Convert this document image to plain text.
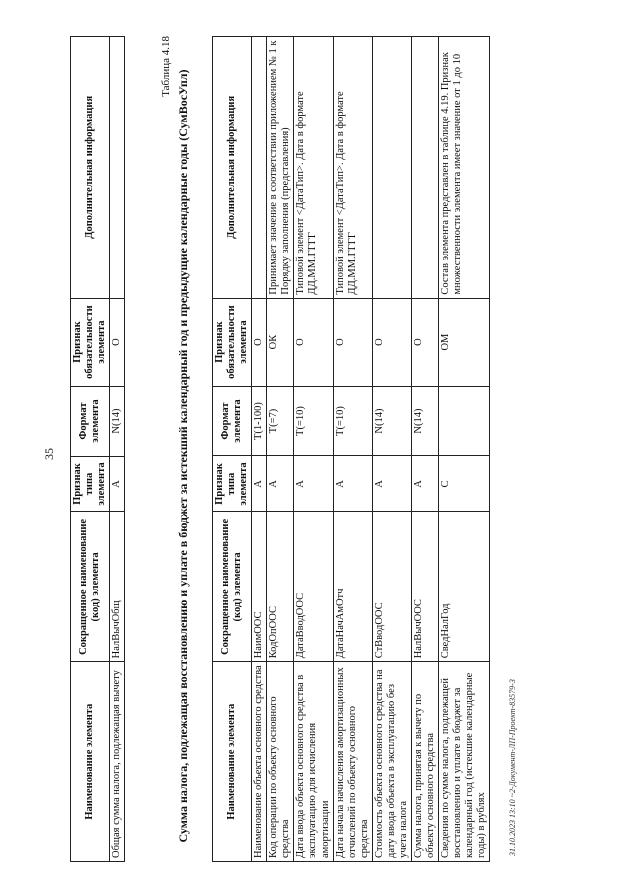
35
Наименование элемента	Сокращенное наименование (код) элемента	Признак типа элемента	Формат элемента	Признак обязательности элемента	Дополнительная информация
Общая сумма налога, подлежащая вычету	НалВычОбщ	А	N(14)	О	
Таблица 4.18
Сумма налога, подлежащая восстановлению и уплате в бюджет за истекший календарный год и предыдущие календарные годы (СумВосУпл)	Наименование элемента	Сокращенное наименование (код) элемента	Признак типа элемента	Формат элемента	Признак обязательности элемента	Дополнительная информация
Наименование объекта основного средства	НаимООС	А	T(1-100)	О	
Код операции по объекту основного средства	КодОпООС	А	T(=7)	ОК	Принимает значение в соответствии приложением № 1 к Порядку заполнения (представления)
Дата ввода объекта основного средства в эксплуатацию для исчисления амортизации	ДатаВводООС	А	T(=10)	О	Типовой элемент <ДатаТип>. Дата в формате ДД.ММ.ГГГГ
Дата начала начисления амортизационных отчислений по объекту основного средства	ДатаНачАмОтч	А	T(=10)	О	Типовой элемент <ДатаТип>. Дата в формате ДД.ММ.ГГГГ
Стоимость объекта основного средства на дату ввода объекта в эксплуатацию без учета налога	СтВводООС	А	N(14)	О	
Сумма налога, принятая к вычету по объекту основного средства	НалВычООС	А	N(14)	О	
Сведения по сумме налога, подлежащей восстановлению и уплате в бюджет за календарный год (истекшие календарные годы) в рублях	СведНалГод	С		ОМ	Состав элемента представлен в таблице 4.19. Признак множественности элемента имеет значение от 1 до 10
31.10.2023 13:10 ~2-Документ-ЛП-Проект-83579-3
